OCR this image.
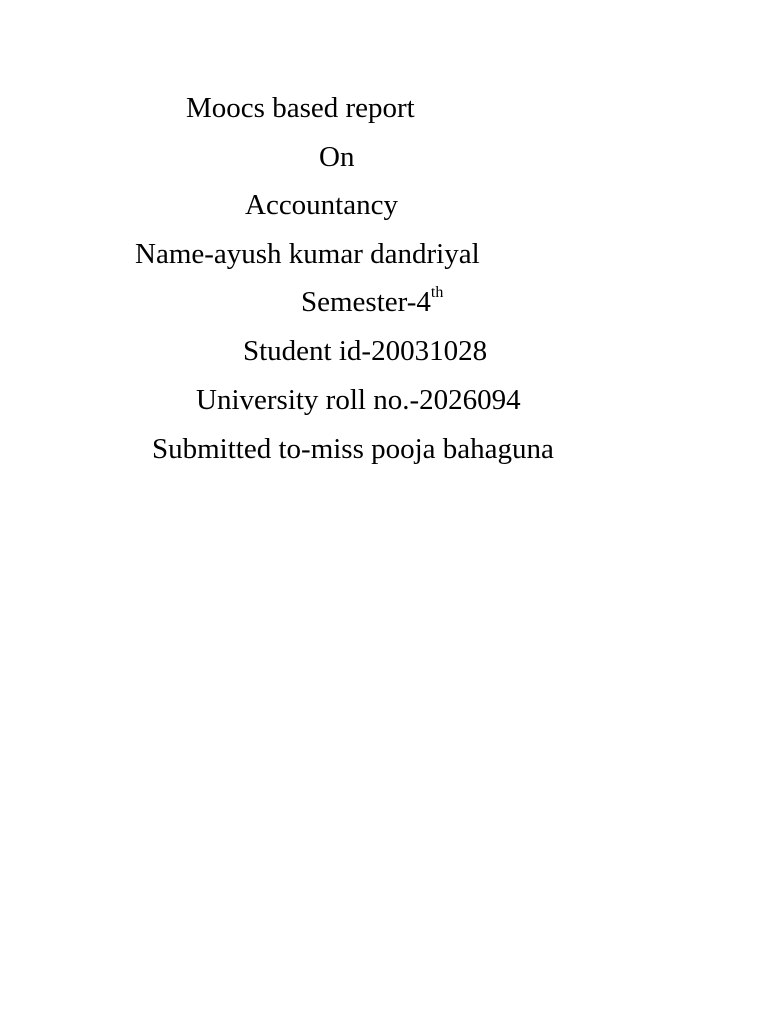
Moocs based report
On
Accountancy
Name-ayush kumar dandriyal
Semester-4th
Student id-20031028
University roll no.-2026094
Submitted to-miss pooja bahaguna
